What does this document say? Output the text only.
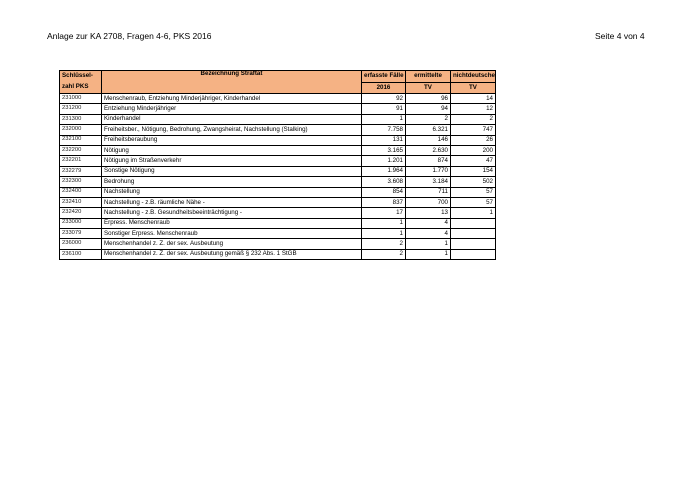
Anlage zur KA 2708, Fragen 4-6, PKS 2016	Seite 4 von 4
Schlüssel-	Bezeichnung Straftat	erfasste Fälle	ermittelte	nichtdeutsche
zahl PKS		2016	TV	TV
231000	Menschenraub, Entziehung Minderjähriger, Kinderhandel	92	96	14
231200	Entziehung Minderjähriger	91	94	12
231300	Kinderhandel	1	2	2
232000	Freiheitsber., Nötigung, Bedrohung, Zwangsheirat, Nachstellung (Stalking)	7.758	6.321	747
232100	Freiheitsberaubung	131	146	26
232200	Nötigung	3.165	2.630	200
232201	Nötigung im Straßenverkehr	1.201	874	47
232279	Sonstige Nötigung	1.964	1.770	154
232300	Bedrohung	3.608	3.184	502
232400	Nachstellung	854	711	57
232410	Nachstellung - z.B. räumliche Nähe -	837	700	57
232420	Nachstellung - z.B. Gesundheitsbeeinträchtigung -	17	13	1
233000	Erpress. Menschenraub	1	4	
233079	Sonstiger Erpress. Menschenraub	1	4	
236000	Menschenhandel z. Z. der sex. Ausbeutung	2	1	
236100	Menschenhandel z. Z. der sex. Ausbeutung gemäß § 232 Abs. 1 StGB	2	1	
